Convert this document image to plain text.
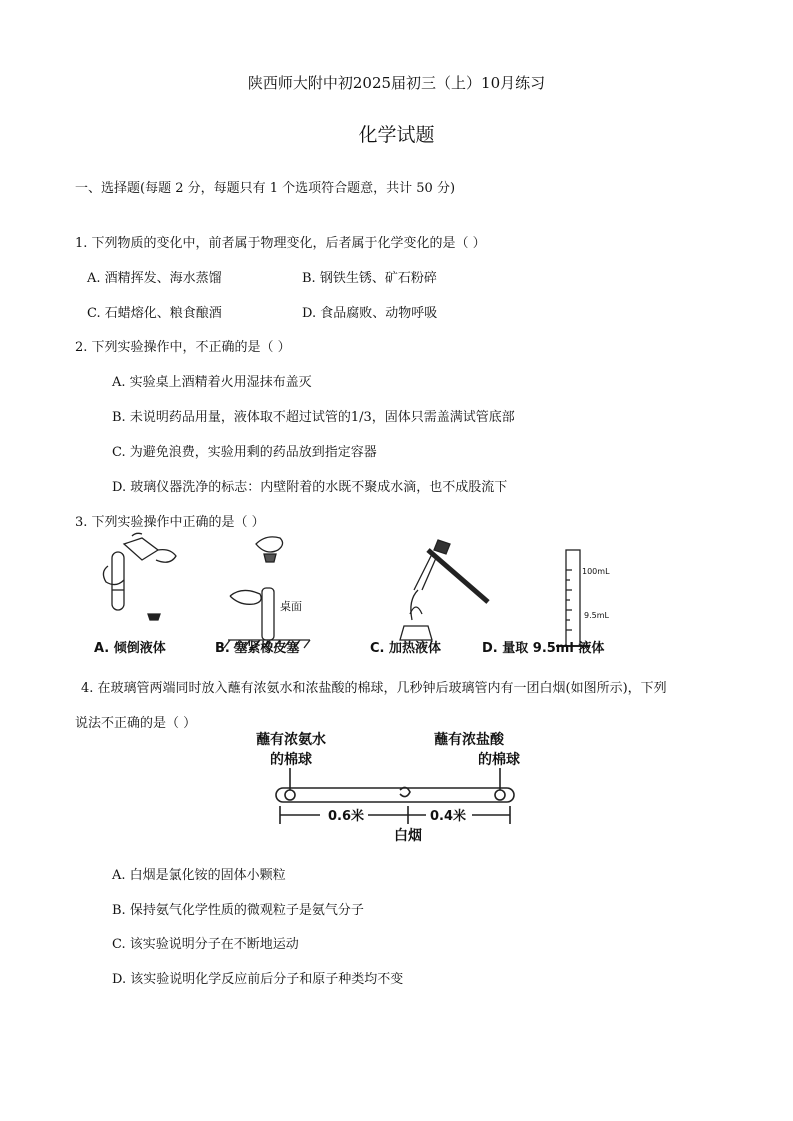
陕西师大附中初2025届初三（上）10月练习
化学试题
一、选择题(每题 2 分，每题只有 1 个选项符合题意，共计 50 分)
1. 下列物质的变化中，前者属于物理变化，后者属于化学变化的是（ ）
A. 酒精挥发、海水蒸馏	B. 钢铁生锈、矿石粉碎
C. 石蜡熔化、粮食酿酒	D. 食品腐败、动物呼吸
2. 下列实验操作中，不正确的是（ ）
A. 实验桌上酒精着火用湿抹布盖灭
B. 未说明药品用量，液体取不超过试管的1/3，固体只需盖满试管底部
C. 为避免浪费，实验用剩的药品放到指定容器
D. 玻璃仪器洗净的标志：内壁附着的水既不聚成水滴，也不成股流下
3. 下列实验操作中正确的是（ ）
桌面
100mL
9.5mL
A. 倾倒液体	B. 塞紧橡皮塞	C. 加热液体	D. 量取 9.5ml 液体
4. 在玻璃管两端同时放入蘸有浓氨水和浓盐酸的棉球，几秒钟后玻璃管内有一团白烟(如图所示)，下列
说法不正确的是（ ）
蘸有浓氨水
的棉球
蘸有浓盐酸
的棉球
0.6米	0.4米
白烟
A. 白烟是氯化铵的固体小颗粒
B. 保持氨气化学性质的微观粒子是氨气分子
C. 该实验说明分子在不断地运动
D. 该实验说明化学反应前后分子和原子种类均不变
